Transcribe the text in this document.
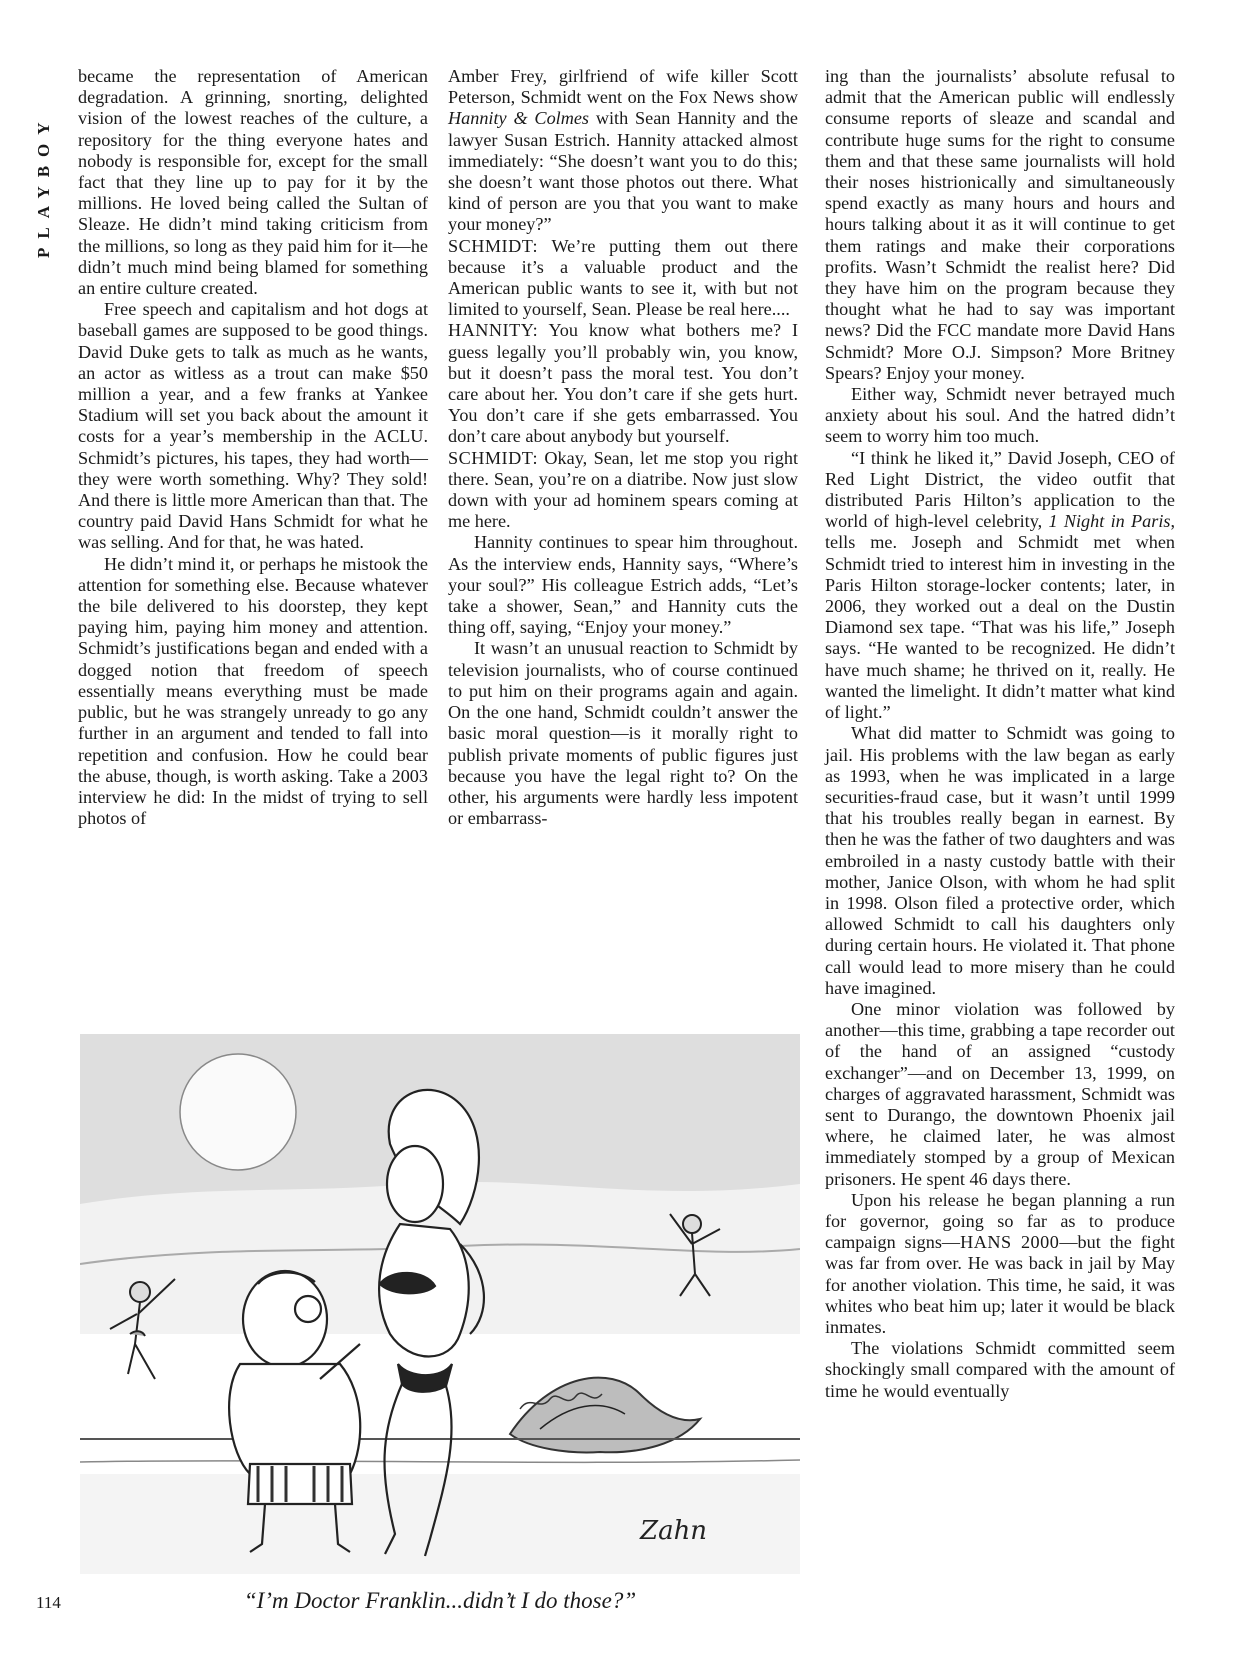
PLAYBOY

became the representation of American degradation. A grinning, snorting, delighted vision of the lowest reaches of the culture, a repository for the thing everyone hates and nobody is responsible for, except for the small fact that they line up to pay for it by the millions. He loved being called the Sultan of Sleaze. He didn’t mind taking criticism from the millions, so long as they paid him for it—he didn’t much mind being blamed for something an entire culture created.

Free speech and capitalism and hot dogs at baseball games are supposed to be good things. David Duke gets to talk as much as he wants, an actor as witless as a trout can make $50 million a year, and a few franks at Yankee Stadium will set you back about the amount it costs for a year’s membership in the ACLU. Schmidt’s pictures, his tapes, they had worth—they were worth something. Why? They sold! And there is little more American than that. The country paid David Hans Schmidt for what he was selling. And for that, he was hated.

He didn’t mind it, or perhaps he mistook the attention for something else. Because whatever the bile delivered to his doorstep, they kept paying him, paying him money and attention. Schmidt’s justifications began and ended with a dogged notion that freedom of speech essentially means everything must be made public, but he was strangely unready to go any further in an argument and tended to fall into repetition and confusion. How he could bear the abuse, though, is worth asking. Take a 2003 interview he did: In the midst of trying to sell photos of

Amber Frey, girlfriend of wife killer Scott Peterson, Schmidt went on the Fox News show Hannity & Colmes with Sean Hannity and the lawyer Susan Estrich. Hannity attacked almost immediately: “She doesn’t want you to do this; she doesn’t want those photos out there. What kind of person are you that you want to make your money?”

SCHMIDT: We’re putting them out there because it’s a valuable product and the American public wants to see it, with but not limited to yourself, Sean. Please be real here....

HANNITY: You know what bothers me? I guess legally you’ll probably win, you know, but it doesn’t pass the moral test. You don’t care about her. You don’t care if she gets hurt. You don’t care if she gets embarrassed. You don’t care about anybody but yourself.

SCHMIDT: Okay, Sean, let me stop you right there. Sean, you’re on a diatribe. Now just slow down with your ad hominem spears coming at me here.

Hannity continues to spear him throughout. As the interview ends, Hannity says, “Where’s your soul?” His colleague Estrich adds, “Let’s take a shower, Sean,” and Hannity cuts the thing off, saying, “Enjoy your money.”

It wasn’t an unusual reaction to Schmidt by television journalists, who of course continued to put him on their programs again and again. On the one hand, Schmidt couldn’t answer the basic moral question—is it morally right to publish private moments of public figures just because you have the legal right to? On the other, his arguments were hardly less impotent or embarrass-

ing than the journalists’ absolute refusal to admit that the American public will endlessly consume reports of sleaze and scandal and contribute huge sums for the right to consume them and that these same journalists will hold their noses histrionically and simultaneously spend exactly as many hours and hours and hours talking about it as it will continue to get them ratings and make their corporations profits. Wasn’t Schmidt the realist here? Did they have him on the program because they thought what he had to say was important news? Did the FCC mandate more David Hans Schmidt? More O.J. Simpson? More Britney Spears? Enjoy your money.

Either way, Schmidt never betrayed much anxiety about his soul. And the hatred didn’t seem to worry him too much.

“I think he liked it,” David Joseph, CEO of Red Light District, the video outfit that distributed Paris Hilton’s application to the world of high-level celebrity, 1 Night in Paris, tells me. Joseph and Schmidt met when Schmidt tried to interest him in investing in the Paris Hilton storage-locker contents; later, in 2006, they worked out a deal on the Dustin Diamond sex tape. “That was his life,” Joseph says. “He wanted to be recognized. He didn’t have much shame; he thrived on it, really. He wanted the limelight. It didn’t matter what kind of light.”

What did matter to Schmidt was going to jail. His problems with the law began as early as 1993, when he was implicated in a large securities-fraud case, but it wasn’t until 1999 that his troubles really began in earnest. By then he was the father of two daughters and was embroiled in a nasty custody battle with their mother, Janice Olson, with whom he had split in 1998. Olson filed a protective order, which allowed Schmidt to call his daughters only during certain hours. He violated it. That phone call would lead to more misery than he could have imagined.

One minor violation was followed by another—this time, grabbing a tape recorder out of the hand of an assigned “custody exchanger”—and on December 13, 1999, on charges of aggravated harassment, Schmidt was sent to Durango, the downtown Phoenix jail where, he claimed later, he was almost immediately stomped by a group of Mexican prisoners. He spent 46 days there.

Upon his release he began planning a run for governor, going so far as to produce campaign signs—HANS 2000—but the fight was far from over. He was back in jail by May for another violation. This time, he said, it was whites who beat him up; later it would be black inmates.

The violations Schmidt committed seem shockingly small compared with the amount of time he would eventually

Zahn
114	“I’m Doctor Franklin...didn’t I do those?”
